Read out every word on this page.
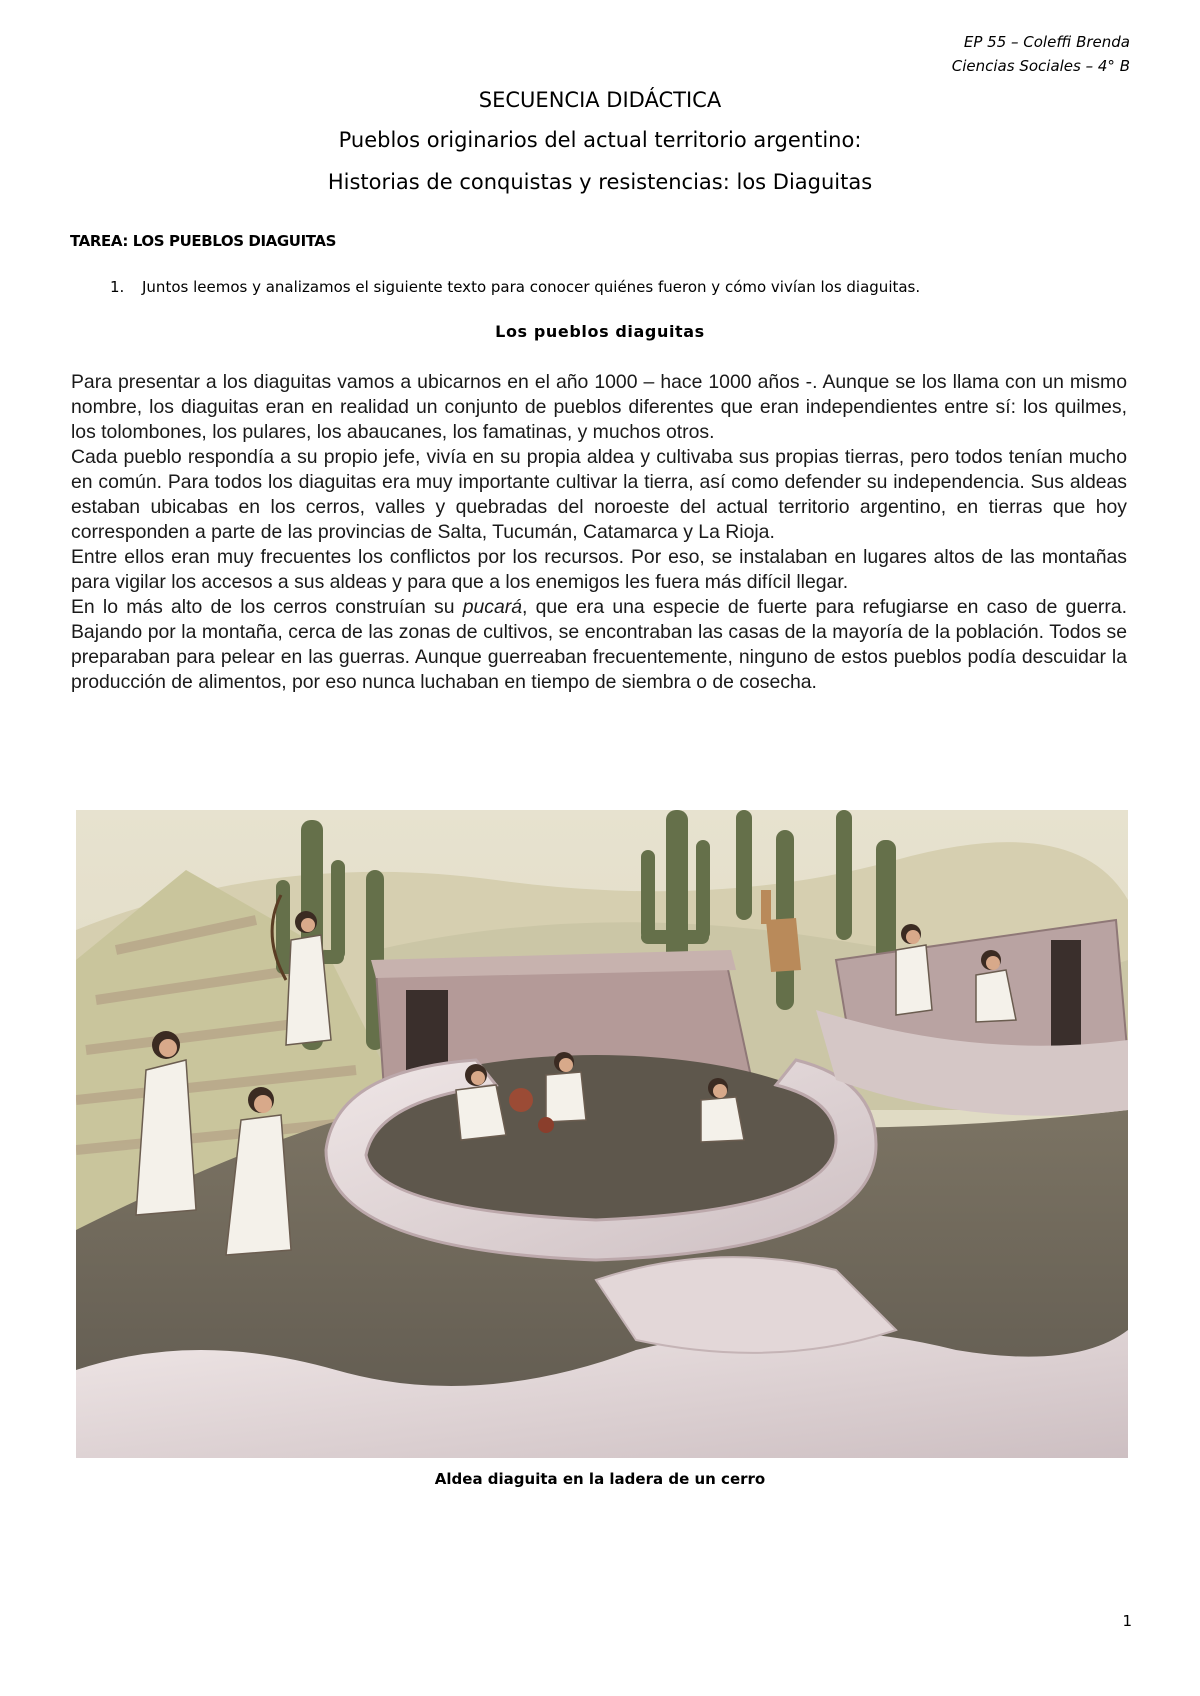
EP 55 – Coleffi Brenda
Ciencias Sociales – 4° B
SECUENCIA DIDÁCTICA
Pueblos originarios del actual territorio argentino:
Historias de conquistas y resistencias: los Diaguitas
TAREA: LOS PUEBLOS DIAGUITAS
1. Juntos leemos y analizamos el siguiente texto para conocer quiénes fueron y cómo vivían los diaguitas.
Los pueblos diaguitas

Para presentar a los diaguitas vamos a ubicarnos en el año 1000 – hace 1000 años -. Aunque se los llama con un mismo nombre, los diaguitas eran en realidad un conjunto de pueblos diferentes que eran independientes entre sí: los quilmes, los tolombones, los pulares, los abaucanes, los famatinas, y muchos otros.

Cada pueblo respondía a su propio jefe, vivía en su propia aldea y cultivaba sus propias tierras, pero todos tenían mucho en común. Para todos los diaguitas era muy importante cultivar la tierra, así como defender su independencia. Sus aldeas estaban ubicabas en los cerros, valles y quebradas del noroeste del actual territorio argentino, en tierras que hoy corresponden a parte de las provincias de Salta, Tucumán, Catamarca y La Rioja.

Entre ellos eran muy frecuentes los conflictos por los recursos. Por eso, se instalaban en lugares altos de las montañas para vigilar los accesos a sus aldeas y para que a los enemigos les fuera más difícil llegar.

En lo más alto de los cerros construían su pucará, que era una especie de fuerte para refugiarse en caso de guerra. Bajando por la montaña, cerca de las zonas de cultivos, se encontraban las casas de la mayoría de la población. Todos se preparaban para pelear en las guerras. Aunque guerreaban frecuentemente, ninguno de estos pueblos podía descuidar la producción de alimentos, por eso nunca luchaban en tiempo de siembra o de cosecha.

Aldea diaguita en la ladera de un cerro
1
